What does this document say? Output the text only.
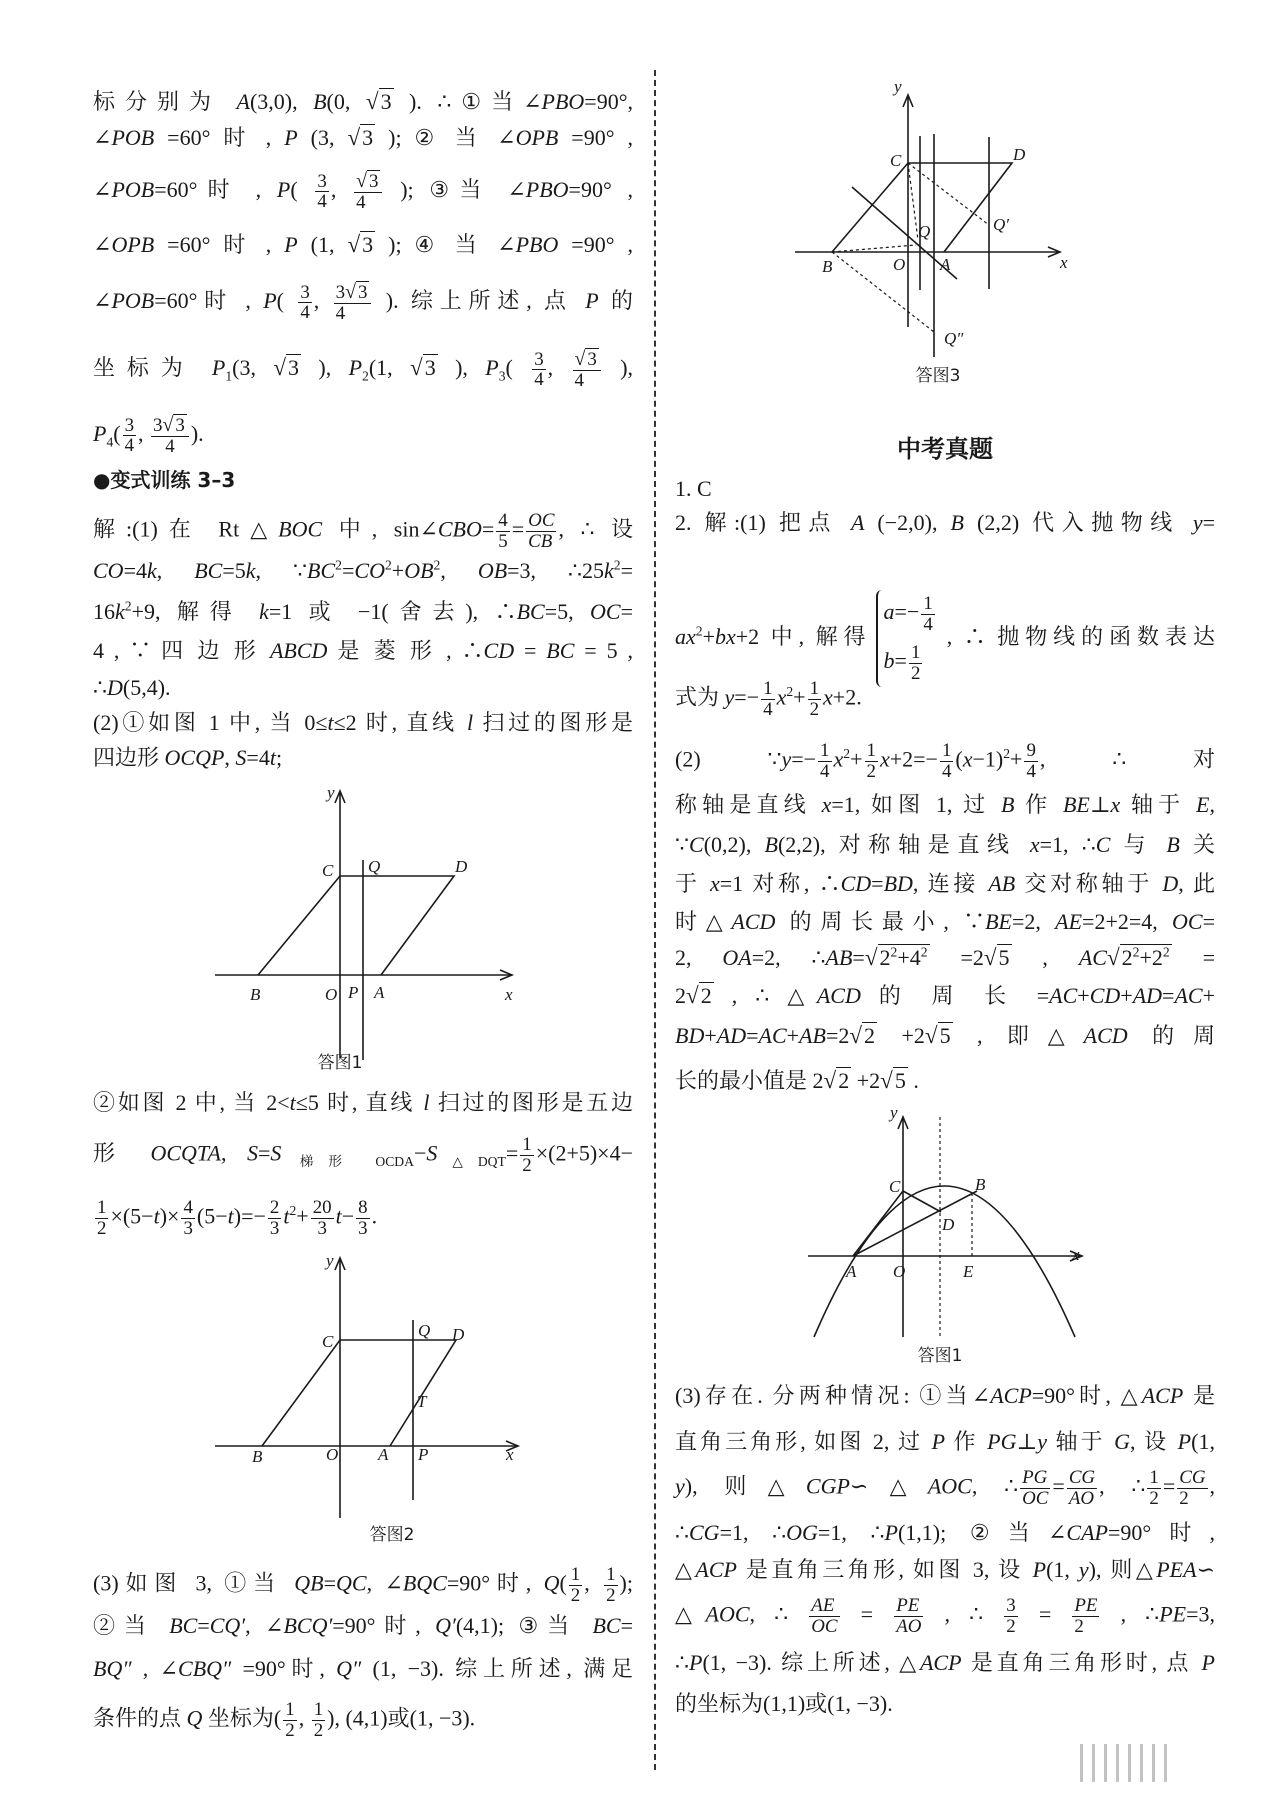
标分别为 A(3,0), B(0, √3 ). ∴①当∠PBO=90°,
∠POB =60° 时 , P (3, √3 ); ② 当 ∠OPB =90° ,
∠POB=60°时 , $P( \frac{3}{4}$ , $\frac{√ 3}{4}$ ); ③当 ∠PBO=90° ,
∠OPB =60° 时 , P (1, √3 ); ④ 当 ∠PBO =90° ,
∠POB=60°时 , $P( \frac{3}{4}$ , $\frac{3√ 3}{4}$ ). 综上所述, 点 P 的
坐标为 $P_1(3$, √3 ), $P_2(1$, √3 ), $P_3( \frac{3}{4}$ , $\frac{√ 3}{4}$ ),
$P_4( \frac{3}{4}$ , $\frac{3√ 3}{4}$ ).
●变式训练 3–3
解:(1)在 Rt△BOC 中, sin∠CBO= $\frac{4}{5} = \frac{OC}{CB}$ , ∴ 设
CO=4k, BC=5k, $\because BC^2=CO^2+OB^2$, OB=3, $\therefore 25k^2=$
$16k^2+9$, 解得 k=1 或 −1(舍去), ∴BC=5, OC=
4 , ∵ 四 边 形 ABCD 是 菱 形 , ∴CD = BC = 5 ,
∴D(5,4).
(2)①如图 1 中, 当 0≤t≤2 时, 直线 l 扫过的图形是
四边形 OCQP, S=4t;
②如图 2 中, 当 2<t≤5 时, 直线 l 扫过的图形是五边
形 OCQTA, S=S $_{梯形 OCDA}-S_{\triangle DQT}= \frac{1}{2} \times(2+5)\times 4-$
$\frac{1}{2} \times(5-t)\times \frac{4}{3} (5-t)=- \frac{2}{3} t^2+ \frac{20}{3} t- \frac{8}{3}$ .
(3)如图 3, ①当 QB=QC, ∠BQC=90°时, $Q( \frac{1}{2}$ , $\frac{1}{2}$ );
②当 BC=CQ′, ∠BCQ′=90°时, Q′(4,1); ③当 BC=
BQ″ , ∠CBQ″ =90°时, Q″ (1, −3). 综上所述, 满足
条件的点 Q 坐标为( $\frac{1}{2}$ , $\frac{1}{2}$ ), (4,1)或(1, −3).
中考真题
1. C
2. 解:(1) 把点 A (−2,0), B (2,2) 代入抛物线 y=
$ax^2+bx+2$ 中, 解得
$a=- \frac{1}{4}$
$b= \frac{1}{2}$
, ∴ 抛物线的函数表达
式为 $y=- \frac{1}{4} x^2+ \frac{1}{2} x+2$.
(2) ∵y=− $\frac{1}{4} x^2+ \frac{1}{2} x+2=- \frac{1}{4} (x-1)^2+ \frac{9}{4}$ , ∴ 对
称轴是直线 x=1, 如图 1, 过 B 作 BE⊥x 轴于 E,
∵C(0,2), B(2,2), 对称轴是直线 x=1, ∴C 与 B 关
于 x=1 对称, ∴CD=BD, 连接 AB 交对称轴于 D, 此
时△ACD 的周长最小, ∵BE=2, AE=2+2=4, OC=
2, OA=2, $\therefore AB=√2^2+4^2 =2√5$ , $AC√2^2+2^2$ =
2√2 , ∴ △ACD 的 周 长 =AC+CD+AD=AC+
BD+AD=AC+AB=2√2 +2√5 , 即△ACD 的周
长的最小值是 2√2 +2√5 .
(3)存在. 分两种情况: ①当∠ACP=90°时, △ACP 是
直角三角形, 如图 2, 过 P 作 PG⊥y 轴于 G, 设 P(1,
y), 则△CGP∽△AOC, ∴ $\frac{PG}{OC} = \frac{CG}{AO}$ , ∴ $\frac{1}{2} = \frac{CG}{2}$ ,
∴CG=1, ∴OG=1, ∴P(1,1); ②当∠CAP=90°时,
△ACP 是直角三角形, 如图 3, 设 P(1, y), 则△PEA∽
△AOC, ∴ $\frac{AE}{OC} = \frac{PE}{AO}$ , ∴ $\frac{3}{2} = \frac{PE}{2}$ , ∴PE=3,
∴P(1, −3). 综上所述, △ACP 是直角三角形时, 点 P
的坐标为(1,1)或(1, −3).
y
C Q	D
B	O P A	x
答图1
y
C
Q D
T
B	O A P	x
答图2
y
C	D
Q′
Q
B	O A	x
Q″
答图3
y
C	B
D
A O	E
x
答图1
